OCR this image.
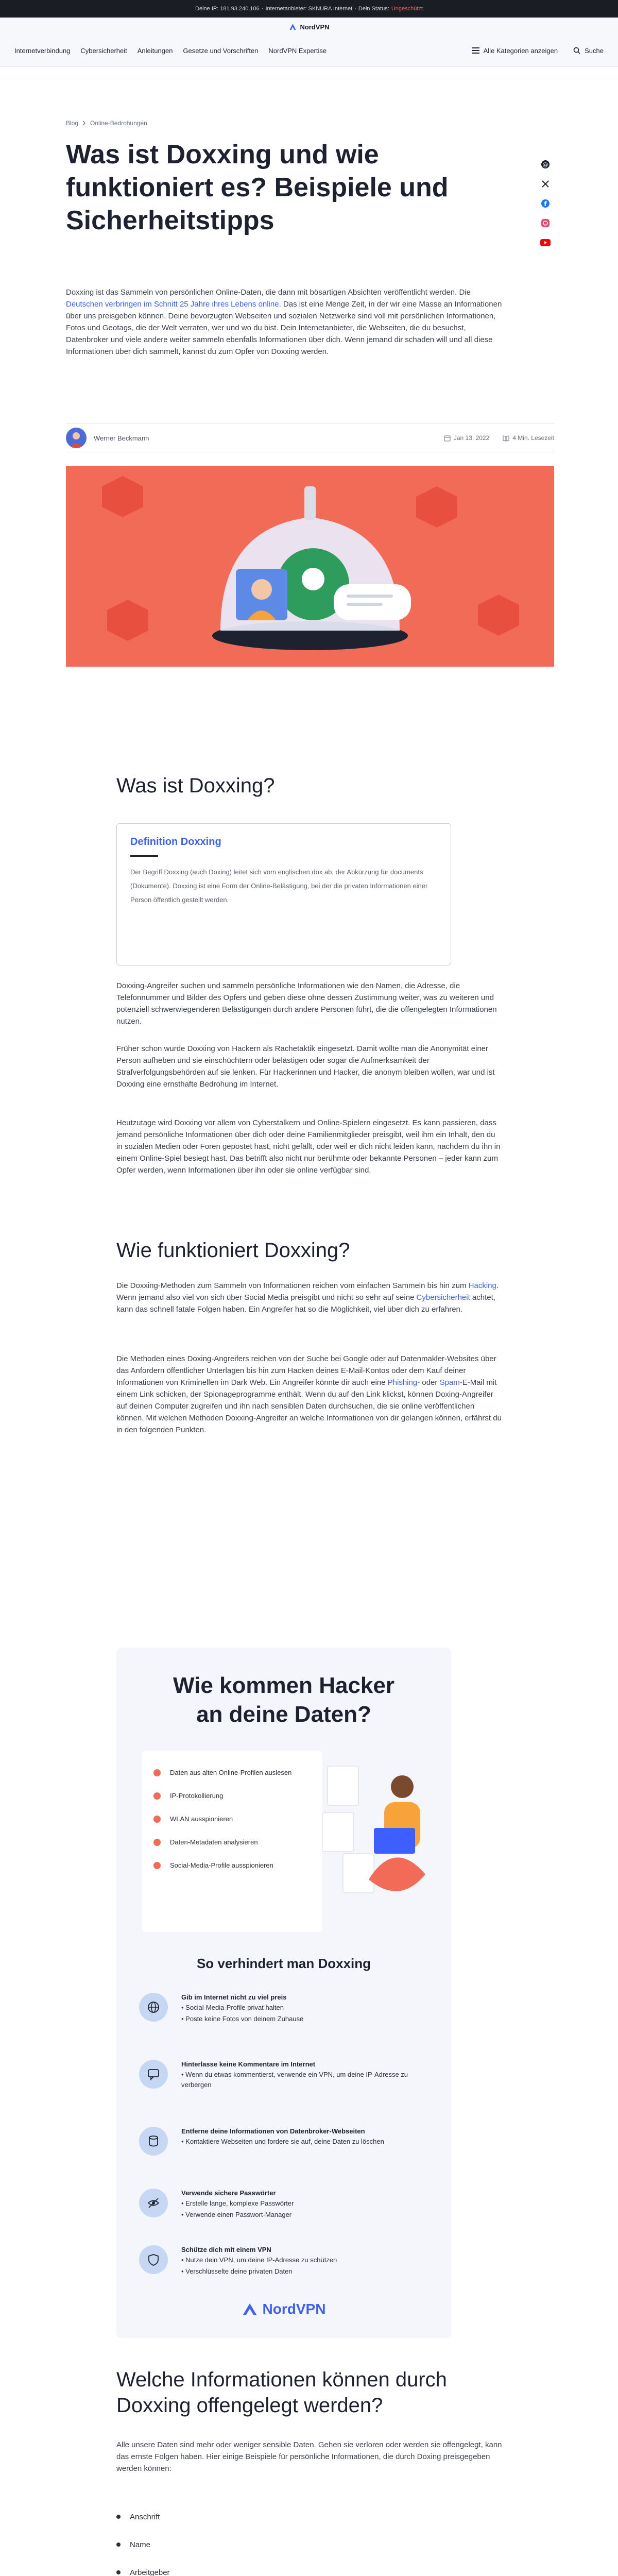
Deine IP: 181.93.240.106 · Internetanbieter: SKNURA Internet · Dein Status: Ungeschützt
NordVPN
Internetverbindung Cybersicherheit Anleitungen Gesetze und Vorschriften NordVPN Expertise	Alle Kategorien anzeigen	Suche
Blog Online-Bedrohungen
Was ist Doxxing und wie funktioniert es? Beispiele und Sicherheitstipps
@
f

Doxxing ist das Sammeln von persönlichen Online-Daten, die dann mit bösartigen Absichten veröffentlicht werden. Die Deutschen verbringen im Schnitt 25 Jahre ihres Lebens online. Das ist eine Menge Zeit, in der wir eine Masse an Informationen über uns preisgeben können. Deine bevorzugten Webseiten und sozialen Netzwerke sind voll mit persönlichen Informationen, Fotos und Geotags, die der Welt verraten, wer und wo du bist. Dein Internetanbieter, die Webseiten, die du besuchst, Datenbroker und viele andere weiter sammeln ebenfalls Informationen über dich. Wenn jemand dir schaden will und all diese Informationen über dich sammelt, kannst du zum Opfer von Doxxing werden.

Werner Beckmann	Jan 13, 2022	4 Min. Lesezeit
Was ist Doxxing?
Definition Doxxing
Der Begriff Doxxing (auch Doxing) leitet sich vom englischen dox ab, der Abkürzung für documents (Dokumente). Doxxing ist eine Form der Online-Belästigung, bei der die privaten Informationen einer Person öffentlich gestellt werden.

Doxxing-Angreifer suchen und sammeln persönliche Informationen wie den Namen, die Adresse, die Telefonnummer und Bilder des Opfers und geben diese ohne dessen Zustimmung weiter, was zu weiteren und potenziell schwerwiegenderen Belästigungen durch andere Personen führt, die die offengelegten Informationen nutzen.

Früher schon wurde Doxxing von Hackern als Rachetaktik eingesetzt. Damit wollte man die Anonymität einer Person aufheben und sie einschüchtern oder belästigen oder sogar die Aufmerksamkeit der Strafverfolgungsbehörden auf sie lenken. Für Hackerinnen und Hacker, die anonym bleiben wollen, war und ist Doxxing eine ernsthafte Bedrohung im Internet.

Heutzutage wird Doxxing vor allem von Cyberstalkern und Online-Spielern eingesetzt. Es kann passieren, dass jemand persönliche Informationen über dich oder deine Familienmitglieder preisgibt, weil ihm ein Inhalt, den du in sozialen Medien oder Foren gepostet hast, nicht gefällt, oder weil er dich nicht leiden kann, nachdem du ihn in einem Online-Spiel besiegt hast. Das betrifft also nicht nur berühmte oder bekannte Personen – jeder kann zum Opfer werden, wenn Informationen über ihn oder sie online verfügbar sind.

Wie funktioniert Doxxing?

Die Doxxing-Methoden zum Sammeln von Informationen reichen vom einfachen Sammeln bis hin zum Hacking. Wenn jemand also viel von sich über Social Media preisgibt und nicht so sehr auf seine Cybersicherheit achtet, kann das schnell fatale Folgen haben. Ein Angreifer hat so die Möglichkeit, viel über dich zu erfahren.

Die Methoden eines Doxing-Angreifers reichen von der Suche bei Google oder auf Datenmakler-Websites über das Anfordern öffentlicher Unterlagen bis hin zum Hacken deines E-Mail-Kontos oder dem Kauf deiner Informationen von Kriminellen im Dark Web. Ein Angreifer könnte dir auch eine Phishing- oder Spam-E-Mail mit einem Link schicken, der Spionageprogramme enthält. Wenn du auf den Link klickst, können Doxing-Angreifer auf deinen Computer zugreifen und ihn nach sensiblen Daten durchsuchen, die sie online veröffentlichen können. Mit welchen Methoden Doxxing-Angreifer an welche Informationen von dir gelangen können, erfährst du in den folgenden Punkten.

Wie kommen Hacker
an deine Daten?
Daten aus alten Online-Profilen auslesen
IP-Protokollierung
WLAN ausspionieren
Daten-Metadaten analysieren
Social-Media-Profile ausspionieren
So verhindert man Doxxing
Gib im Internet nicht zu viel preis
• Social-Media-Profile privat halten
• Poste keine Fotos von deinem Zuhause
Hinterlasse keine Kommentare im Internet
• Wenn du etwas kommentierst, verwende ein VPN, um deine IP-Adresse zu verbergen
Entferne deine Informationen von Datenbroker-Webseiten
• Kontaktiere Webseiten und fordere sie auf, deine Daten zu löschen
Verwende sichere Passwörter
• Erstelle lange, komplexe Passwörter
• Verwende einen Passwort-Manager
Schütze dich mit einem VPN
• Nutze dein VPN, um deine IP-Adresse zu schützen
• Verschlüsselte deine privaten Daten
NordVPN
Welche Informationen können durch Doxxing offengelegt werden?

Alle unsere Daten sind mehr oder weniger sensible Daten. Gehen sie verloren oder werden sie offengelegt, kann das ernste Folgen haben. Hier einige Beispiele für persönliche Informationen, die durch Doxing preisgegeben werden können:

Anschrift
Name
Arbeitgeber
